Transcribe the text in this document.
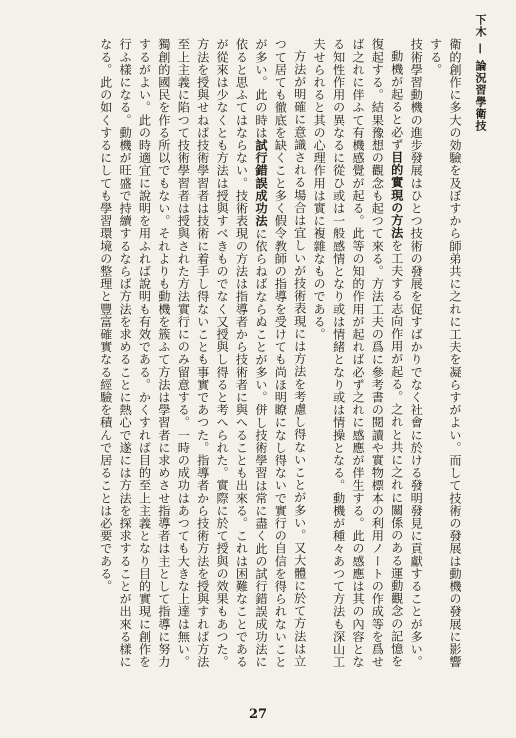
下木 — 論況習學衛技

衛的創作に多大の効驗を及ぼすから師弟共に之れに工夫を凝らすがよい。而して技術の發展は動機の發展に影響する。

技術學習動機の進步發展はひとつ技術の發展を促すばかりでなく社會に於ける發明發見に貢獻することが多い。

動機が起ると必ず目的實現の方法を工夫する志向作用が起る。之れと共に之れに關係のある運動觀念の記憶を復起する。結果豫想の觀念も起つて來る。方法工夫の爲に參考書の閱讀や實物標本の利用ノートの作成等を爲せば之れに伴ふて有機感覺が起る。此等の知的作用が起れば必ず之れに感應が伴生する。此の感應は其の內容となる知性作用の異なるに從ひ或は一般感情となり或は情緒となり或は情操となる。動機が種々あつて方法も深山工夫せられると其の心理作用は實に複雜なものである。

方法が明確に意識される場合は宜しいが技術表現には方法を考慮し得ないことが多い。又大體に於て方法は立つて居ても徹底を缺くこと多く假令教師の指導を受けても尚ほ明瞭になし得ないで實行の自信を得られないことが多い。此の時は試行錯誤成功法に依らねばならぬことが多い。併し技術學習は常に盡く此の試行錯誤成功法に依ると思ふてはならない。技術表現の方法は指導者から技術者に與へることも出來る。これは困難なことであるが從來は少なくとも方法は授與すべきものでなく又授與し得ると考へられた。實際に於て授與の效果もあつた。方法を授與せねば技術學習者は技術に着手し得ないことも事實であつた。指導者から技術方法を授與すれば方法至上主義に陷つて技術學習者は授與された方法實行にのみ留意する。一時の成功はあつても大きな上達は無い。獨創的國民を作る所以でもない。それよりも動機を簇ふて方法は學習者に求めさせ指導者は主として指導に努力するがよい。此の時適宜に說明を用ふれば說明も有效である。かくすれば目的至上主義となり目的實現に創作を行ふ樣になる。動機が旺盛で持續するならば方法を求めることに熱心で遂には方法を探求することが出來る樣になる。此の如くするにしても學習環境の整理と豐富確實なる經驗を積んで居ることは必要である。

27
